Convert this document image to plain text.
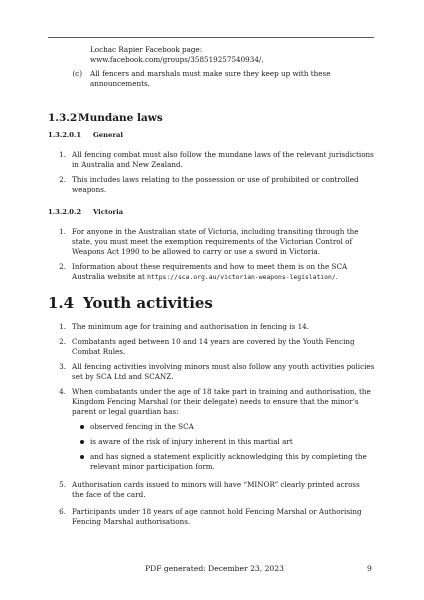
Lochac Rapier Facebook page:
www.facebook.com/groups/358519257540934/.

(c) All fencers and marshals must make sure they keep up with these
announcements.

1.3.2Mundane laws
1.3.2.0.1 General
1. All fencing combat must also follow the mundane laws of the relevant jurisdictions
in Australia and New Zealand.

2. This includes laws relating to the possession or use of prohibited or controlled
weapons.

1.3.2.0.2 Victoria
1. For anyone in the Australian state of Victoria, including transiting through the
state, you must meet the exemption requirements of the Victorian Control of
Weapons Act 1990 to be allowed to carry or use a sword in Victoria.

2. Information about these requirements and how to meet them is on the SCA
Australia website at https://sca.org.au/victorian-weapons-legislation/.

1.4 Youth activities
1. The minimum age for training and authorisation in fencing is 14.

2. Combatants aged between 10 and 14 years are covered by the Youth Fencing
Combat Rules.

3. All fencing activities involving minors must also follow any youth activities policies
set by SCA Ltd and SCANZ.

4. When combatants under the age of 18 take part in training and authorisation, the
Kingdom Fencing Marshal (or their delegate) needs to ensure that the minor’s
parent or legal guardian has:

observed fencing in the SCA

is aware of the risk of injury inherent in this martial art

and has signed a statement explicitly acknowledging this by completing the
relevant minor participation form.

5. Authorisation cards issued to minors will have “MINOR” clearly printed across
the face of the card.

6. Participants under 18 years of age cannot hold Fencing Marshal or Authorising
Fencing Marshal authorisations.

PDF generated: December 23, 2023	9
